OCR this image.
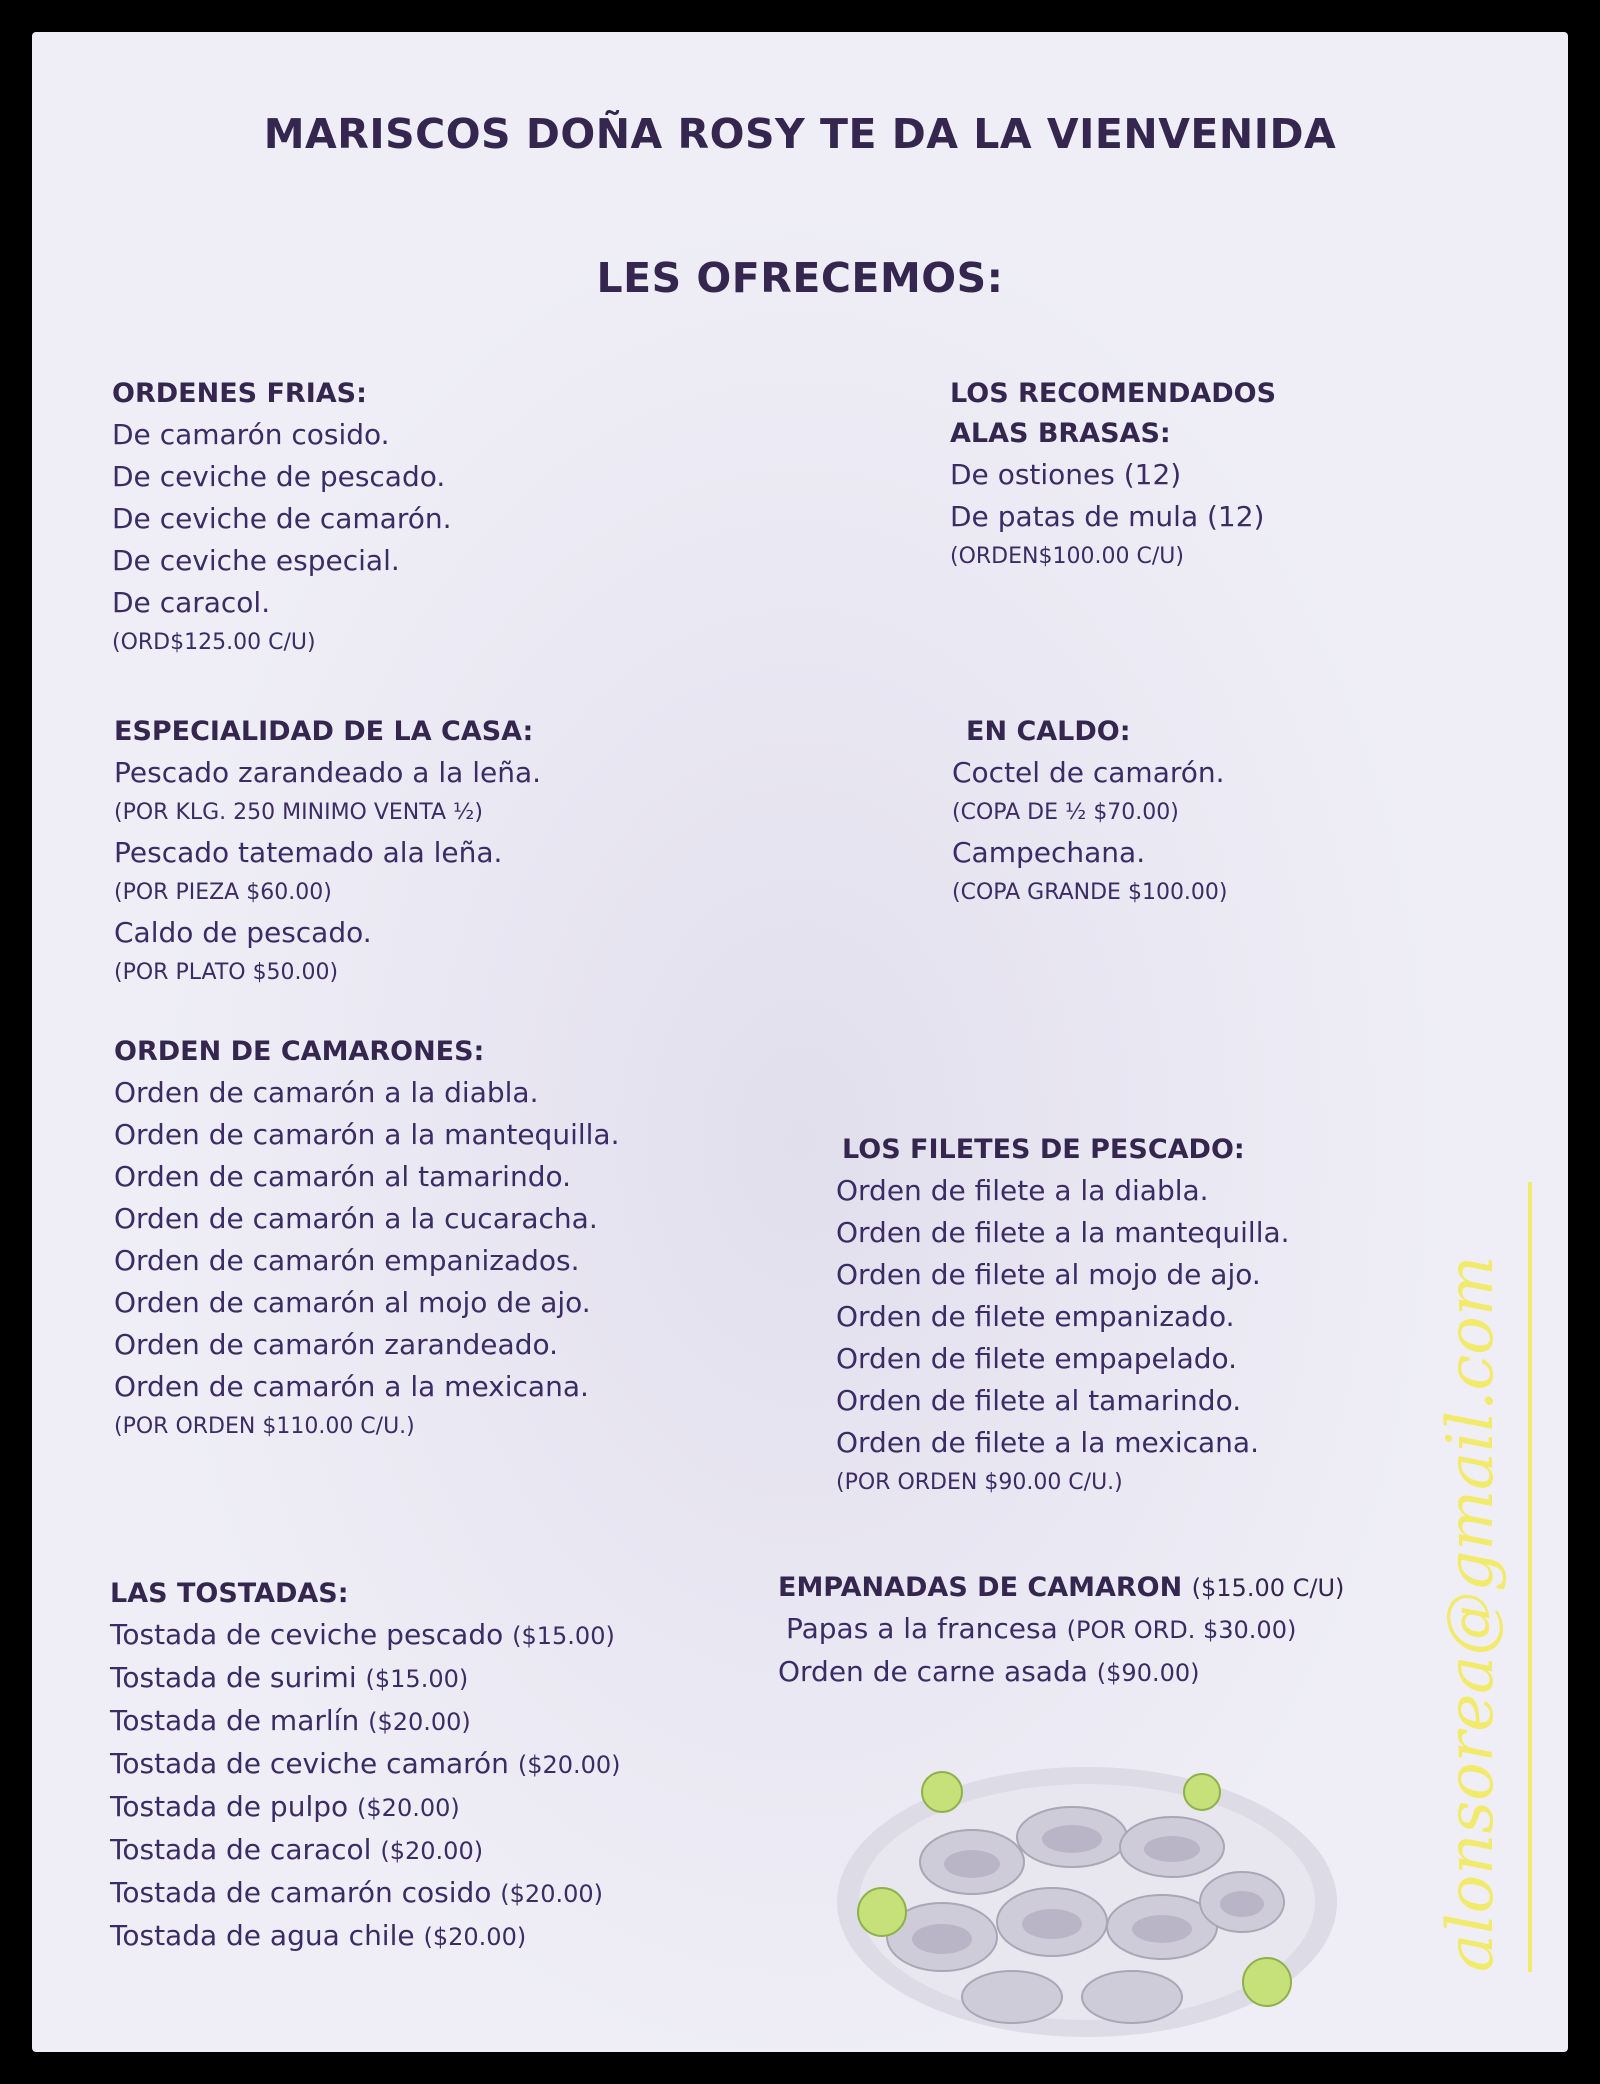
MARISCOS DOÑA ROSY TE DA LA VIENVENIDA
LES OFRECEMOS:
ORDENES FRIAS:
De camarón cosido.
De ceviche de pescado.
De ceviche de camarón.
De ceviche especial.
De caracol.
(ORD$125.00 C/U)
LOS RECOMENDADOS
ALAS BRASAS:
De ostiones (12)
De patas de mula (12)
(ORDEN$100.00 C/U)
ESPECIALIDAD DE LA CASA:
Pescado zarandeado a la leña.
(POR KLG. 250 MINIMO VENTA ½)
Pescado tatemado ala leña.
(POR PIEZA $60.00)
Caldo de pescado.
(POR PLATO $50.00)
EN CALDO:
Coctel de camarón.
(COPA DE ½ $70.00)
Campechana.
(COPA GRANDE $100.00)
ORDEN DE CAMARONES:
Orden de camarón a la diabla.
Orden de camarón a la mantequilla.
Orden de camarón al tamarindo.
Orden de camarón a la cucaracha.
Orden de camarón empanizados.
Orden de camarón al mojo de ajo.
Orden de camarón zarandeado.
Orden de camarón a la mexicana.
(POR ORDEN $110.00 C/U.)
LOS FILETES DE PESCADO:
Orden de filete a la diabla.
Orden de filete a la mantequilla.
Orden de filete al mojo de ajo.
Orden de filete empanizado.
Orden de filete empapelado.
Orden de filete al tamarindo.
Orden de filete a la mexicana.
(POR ORDEN $90.00 C/U.)
LAS TOSTADAS:
Tostada de ceviche pescado ($15.00)
Tostada de surimi ($15.00)
Tostada de marlín ($20.00)
Tostada de ceviche camarón ($20.00)
Tostada de pulpo ($20.00)
Tostada de caracol ($20.00)
Tostada de camarón cosido ($20.00)
Tostada de agua chile ($20.00)
EMPANADAS DE CAMARON ($15.00 C/U)
Papas a la francesa (POR ORD. $30.00)
Orden de carne asada ($90.00)	alonsorea@gmail.com
